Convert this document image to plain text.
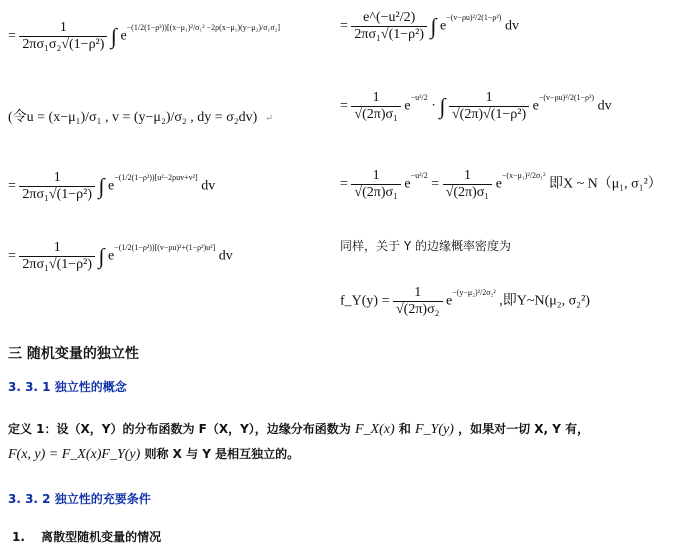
= $\frac{1}{\text{2πσ₁σ₂√(1−ρ²)}}$ ∫ $e^{-(1/2(1-\rho^2))[(x-\mu_1)^2/\sigma_1^2 -2\rho(x-\mu_1)(y-\mu_2)/\sigma_1\sigma_2]}$
(令u = (x−μ₁)/σ₁ , v = (y−μ₂)/σ₂ , dy = σ₂dv) ↵
= $\frac{1}{\text{2πσ₁√(1−ρ²)}}$ ∫ $e^{-(1/2(1-\rho^2))[u^2-2\rho uv+v^2]}$ dv
= $\frac{1}{\text{2πσ₁√(1−ρ²)}}$ ∫ $e^{-(1/2(1-\rho^2))[(v-\rho u)^2+(1-\rho^2)u^2]}$ dv
= $\frac{\text{e\textasciicircum{}(−u²/2)}}{\text{2πσ₁√(1−ρ²)}}$ ∫ $e^{-(v-\rho u)^2/2(1-\rho^2)}$ dv
= $\frac{1}{\text{√(2π)σ₁}} e^{-u^2/2}$ · ∫ $\frac{1}{\text{√(2π)√(1−ρ²)}} e^{-(v-\rho u)^2/2(1-\rho^2)}$ dv
= $\frac{1}{\text{√(2π)σ₁}} e^{-u^2/2} = \frac{1}{\text{√(2π)σ₁}} e^{-(x-\mu_1)^2/2\sigma_1^2}$ 即X ~ N（μ₁, σ₁²）
同样，关于 Y 的边缘概率密度为
f_Y(y) = $\frac{1}{\text{√(2π)σ₂}} e^{-(y-\mu_2)^2/2\sigma_2^2}$ ,即Y~N(μ₂, σ₂²)
三 随机变量的独立性
3. 3. 1 独立性的概念
定义 1：设（X，Y）的分布函数为 F（X，Y），边缘分布函数为 F_X(x) 和 F_Y(y) ，如果对一切 X, Y 有，
F(x, y) = F_X(x)F_Y(y) 则称 X 与 Y 是相互独立的。
3. 3. 2 独立性的充要条件
1. 离散型随机变量的情况
